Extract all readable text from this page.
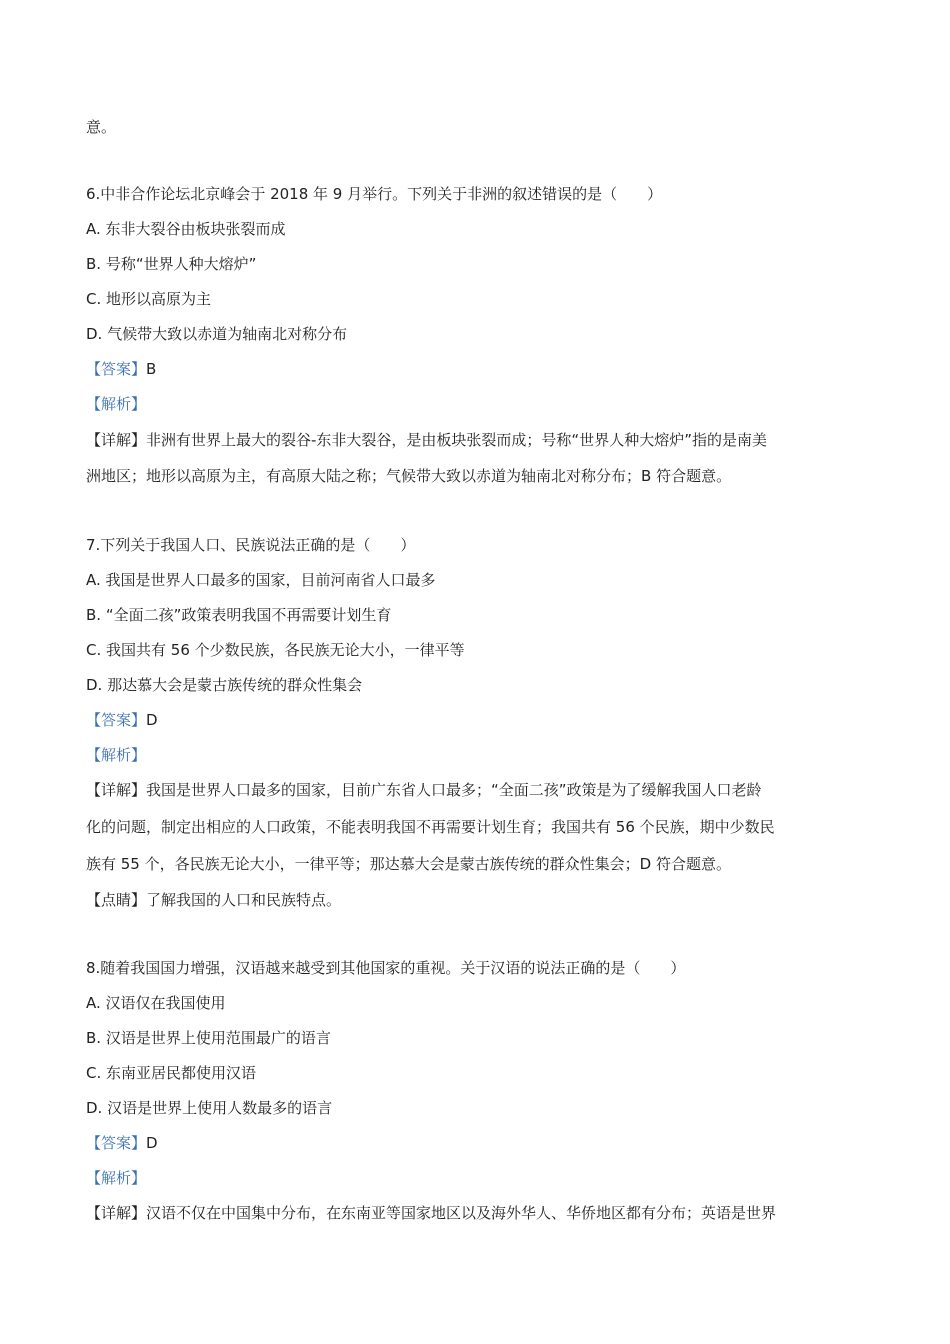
意。
6.中非合作论坛北京峰会于 2018 年 9 月举行。下列关于非洲的叙述错误的是（　　）
A. 东非大裂谷由板块张裂而成
B. 号称“世界人种大熔炉”
C. 地形以高原为主
D. 气候带大致以赤道为轴南北对称分布
【答案】B
【解析】
【详解】非洲有世界上最大的裂谷-东非大裂谷，是由板块张裂而成；号称“世界人种大熔炉”指的是南美
洲地区；地形以高原为主，有高原大陆之称；气候带大致以赤道为轴南北对称分布；B 符合题意。
7.下列关于我国人口、民族说法正确的是（　　）
A. 我国是世界人口最多的国家，目前河南省人口最多
B. “全面二孩”政策表明我国不再需要计划生育
C. 我国共有 56 个少数民族，各民族无论大小，一律平等
D. 那达慕大会是蒙古族传统的群众性集会
【答案】D
【解析】
【详解】我国是世界人口最多的国家，目前广东省人口最多；“全面二孩”政策是为了缓解我国人口老龄
化的问题，制定出相应的人口政策，不能表明我国不再需要计划生育；我国共有 56 个民族，期中少数民
族有 55 个，各民族无论大小，一律平等；那达慕大会是蒙古族传统的群众性集会；D 符合题意。
【点睛】了解我国的人口和民族特点。
8.随着我国国力增强，汉语越来越受到其他国家的重视。关于汉语的说法正确的是（　　）
A. 汉语仅在我国使用
B. 汉语是世界上使用范围最广的语言
C. 东南亚居民都使用汉语
D. 汉语是世界上使用人数最多的语言
【答案】D
【解析】
【详解】汉语不仅在中国集中分布，在东南亚等国家地区以及海外华人、华侨地区都有分布；英语是世界
